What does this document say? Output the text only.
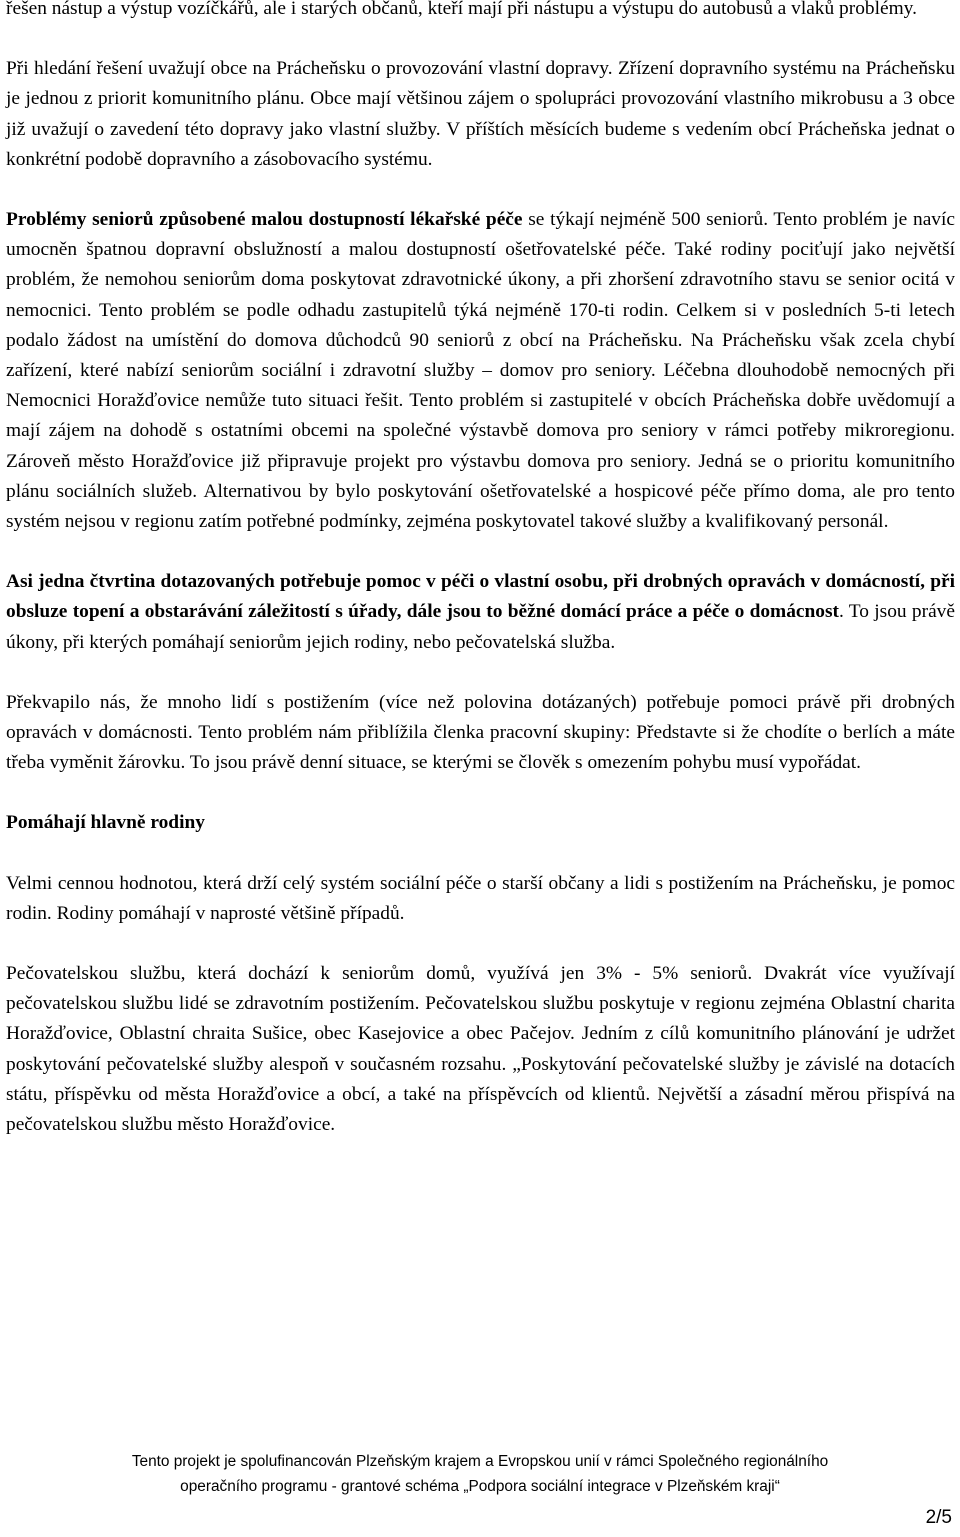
řešen nástup a výstup vozíčkářů, ale i starých občanů, kteří mají při nástupu a výstupu do autobusů a vlaků problémy.

Při hledání řešení uvažují obce na Prácheňsku o provozování vlastní dopravy. Zřízení dopravního systému na Prácheňsku je jednou z priorit komunitního plánu. Obce mají většinou zájem o spolupráci provozování vlastního mikrobusu a 3 obce již uvažují o zavedení této dopravy jako vlastní služby. V příštích měsících budeme s vedením obcí Prácheňska jednat o konkrétní podobě dopravního a zásobovacího systému.

Problémy seniorů způsobené malou dostupností lékařské péče se týkají nejméně 500 seniorů. Tento problém je navíc umocněn špatnou dopravní obslužností a malou dostupností ošetřovatelské péče. Také rodiny pociťují jako největší problém, že nemohou seniorům doma poskytovat zdravotnické úkony, a při zhoršení zdravotního stavu se senior ocitá v nemocnici. Tento problém se podle odhadu zastupitelů týká nejméně 170-ti rodin. Celkem si v posledních 5-ti letech podalo žádost na umístění do domova důchodců 90 seniorů z obcí na Prácheňsku. Na Prácheňsku však zcela chybí zařízení, které nabízí seniorům sociální i zdravotní služby – domov pro seniory. Léčebna dlouhodobě nemocných při Nemocnici Horažďovice nemůže tuto situaci řešit. Tento problém si zastupitelé v obcích Prácheňska dobře uvědomují a mají zájem na dohodě s ostatními obcemi na společné výstavbě domova pro seniory v rámci potřeby mikroregionu. Zároveň město Horažďovice již připravuje projekt pro výstavbu domova pro seniory. Jedná se o prioritu komunitního plánu sociálních služeb. Alternativou by bylo poskytování ošetřovatelské a hospicové péče přímo doma, ale pro tento systém nejsou v regionu zatím potřebné podmínky, zejména poskytovatel takové služby a kvalifikovaný personál.

Asi jedna čtvrtina dotazovaných potřebuje pomoc v péči o vlastní osobu, při drobných opravách v domácností, při obsluze topení a obstarávání záležitostí s úřady, dále jsou to běžné domácí práce a péče o domácnost. To jsou právě úkony, při kterých pomáhají seniorům jejich rodiny, nebo pečovatelská služba.

Překvapilo nás, že mnoho lidí s postižením (více než polovina dotázaných) potřebuje pomoci právě při drobných opravách v domácnosti. Tento problém nám přiblížila členka pracovní skupiny: Představte si že chodíte o berlích a máte třeba vyměnit žárovku. To jsou právě denní situace, se kterými se člověk s omezením pohybu musí vypořádat.

Pomáhají hlavně rodiny

Velmi cennou hodnotou, která drží celý systém sociální péče o starší občany a lidi s postižením na Prácheňsku, je pomoc rodin. Rodiny pomáhají v naprosté většině případů.

Pečovatelskou službu, která dochází k seniorům domů, využívá jen 3% - 5% seniorů. Dvakrát více využívají pečovatelskou službu lidé se zdravotním postižením. Pečovatelskou službu poskytuje v regionu zejména Oblastní charita Horažďovice, Oblastní chraita Sušice, obec Kasejovice a obec Pačejov. Jedním z cílů komunitního plánování je udržet poskytování pečovatelské služby alespoň v současném rozsahu. „Poskytování pečovatelské služby je závislé na dotacích státu, příspěvku od města Horažďovice a obcí, a také na příspěvcích od klientů. Největší a zásadní měrou přispívá na pečovatelskou službu město Horažďovice.

Tento projekt je spolufinancován Plzeňským krajem a Evropskou unií v rámci Společného regionálního
operačního programu - grantové schéma „Podpora sociální integrace v Plzeňském kraji“
2/5
